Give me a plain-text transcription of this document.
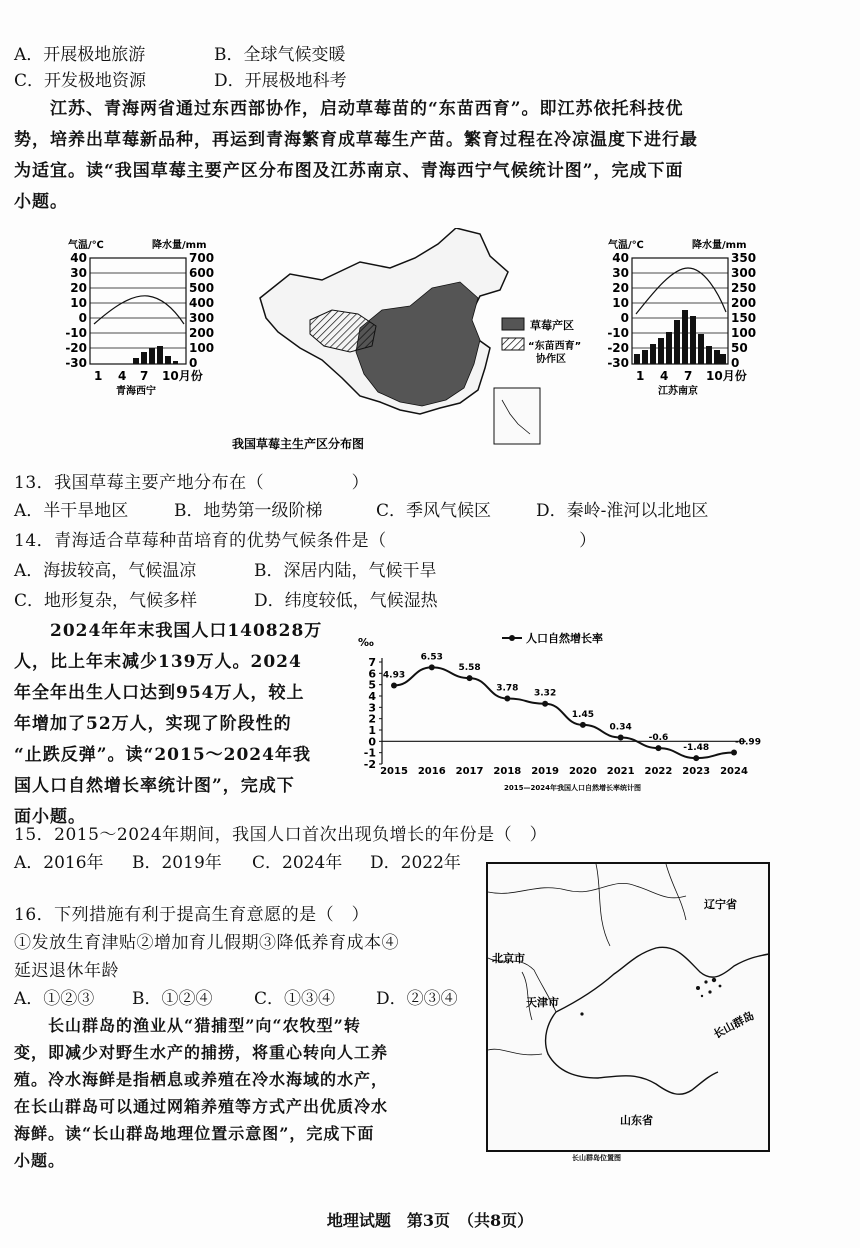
A．开展极地旅游	B．全球气候变暖
C．开发极地资源	D．开展极地科考
江苏、青海两省通过东西部协作，启动草莓苗的“东苗西育”。即江苏依托科技优
势，培养出草莓新品种，再运到青海繁育成草莓生产苗。繁育过程在冷凉温度下进行最
为适宜。读“我国草莓主要产区分布图及江苏南京、青海西宁气候统计图”，完成下面
小题。
气温/℃	降水量/mm
40
30
20
10
0
-10
-20
-30
700
600
500
400
300
200
100
0
1 4 7 10月份
青海西宁
草莓产区
“东苗西育”
协作区
我国草莓主生产区分布图
气温/℃	降水量/mm
40
30
20
10
0
-10
-20
-30
350
300
250
200
150
100
50
0
1 4 7 10月份
江苏南京
13．我国草莓主要产地分布在（　　　　　）
A．半干旱地区	B．地势第一级阶梯	C．季风气候区	D．秦岭-淮河以北地区
14．青海适合草莓种苗培育的优势气候条件是（　　　　　　　　　　　）
A．海拔较高，气候温凉	B．深居内陆，气候干旱
C．地形复杂，气候多样	D．纬度较低，气候湿热
　　2024年年末我国人口140828万
人，比上年末减少139万人。2024
年全年出生人口达到954万人，较上
年增加了52万人，实现了阶段性的
“止跌反弹”。读“2015～2024年我
国人口自然增长率统计图”，完成下
面小题。
‰	人口自然增长率
7
6
5
4
3
2
1
0
-1
-2
2015 2016 2017 2018 2019 2020 2021 2022 2023 2024
4.93
6.53
5.58
3.78
3.32
1.45
0.34
-0.6
-1.48
-0.99
2015—2024年我国人口自然增长率统计图
15．2015～2024年期间，我国人口首次出现负增长的年份是（　）
A．2016年 B．2019年 C．2024年 D．2022年
16．下列措施有利于提高生育意愿的是（　）
①发放生育津贴②增加育儿假期③降低养育成本④
延迟退休年龄
A．①②③ B．①②④ C．①③④ D．②③④
　　长山群岛的渔业从“猎捕型”向“农牧型”转
变，即减少对野生水产的捕捞，将重心转向人工养
殖。冷水海鲜是指栖息或养殖在冷水海域的水产，
在长山群岛可以通过网箱养殖等方式产出优质冷水
海鲜。读“长山群岛地理位置示意图”，完成下面
小题。
辽宁省
北京市
天津市
长山群岛
山东省
长山群岛位置图
地理试题　第3页　（共8页）
